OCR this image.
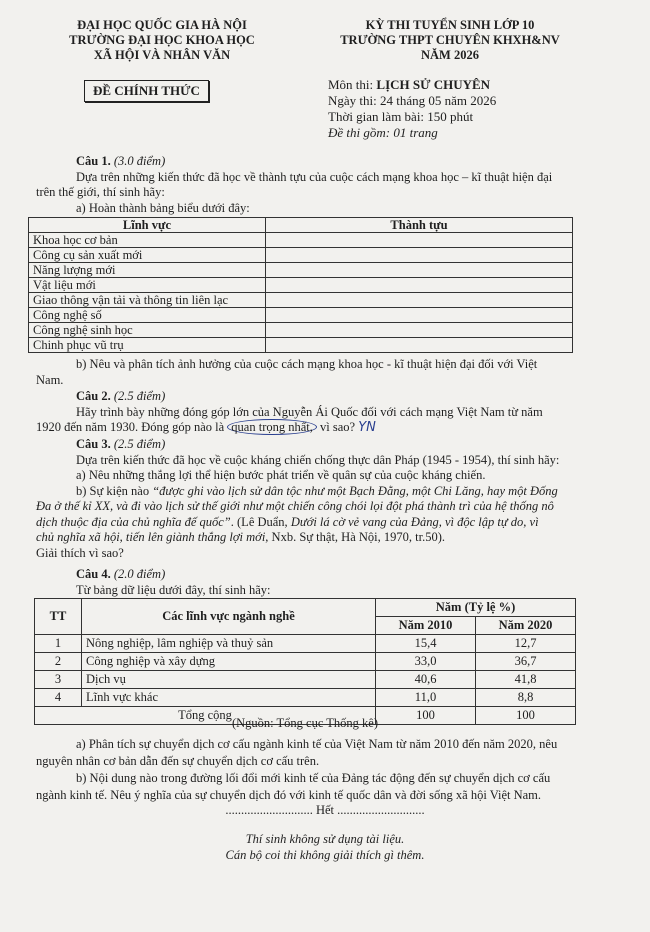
ĐẠI HỌC QUỐC GIA HÀ NỘI
TRƯỜNG ĐẠI HỌC KHOA HỌC
XÃ HỘI VÀ NHÂN VĂN
KỲ THI TUYỂN SINH LỚP 10
TRƯỜNG THPT CHUYÊN KHXH&NV
NĂM 2026
ĐỀ CHÍNH THỨC	Môn thi: LỊCH SỬ CHUYÊN
Ngày thi: 24 tháng 05 năm 2026
Thời gian làm bài: 150 phút
Đề thi gồm: 01 trang
Câu 1. (3.0 điểm)
Dựa trên những kiến thức đã học về thành tựu của cuộc cách mạng khoa học – kĩ thuật hiện đại
trên thế giới, thí sinh hãy:
a) Hoàn thành bảng biểu dưới đây:
Lĩnh vực	Thành tựu
Khoa học cơ bản	
Công cụ sản xuất mới	
Năng lượng mới	
Vật liệu mới	
Giao thông vận tải và thông tin liên lạc	
Công nghệ số	
Công nghệ sinh học	
Chinh phục vũ trụ	
b) Nêu và phân tích ảnh hưởng của cuộc cách mạng khoa học - kĩ thuật hiện đại đối với Việt
Nam.
Câu 2. (2.5 điểm)
Hãy trình bày những đóng góp lớn của Nguyễn Ái Quốc đối với cách mạng Việt Nam từ năm
1920 đến năm 1930. Đóng góp nào là quan trọng nhất, vì sao? YN
Câu 3. (2.5 điểm)
Dựa trên kiến thức đã học về cuộc kháng chiến chống thực dân Pháp (1945 - 1954), thí sinh hãy:
a) Nêu những thắng lợi thể hiện bước phát triển về quân sự của cuộc kháng chiến.
b) Sự kiện nào “được ghi vào lịch sử dân tộc như một Bạch Đằng, một Chi Lăng, hay một Đống
Đa ở thế kỉ XX, và đi vào lịch sử thế giới như một chiến công chói lọi đột phá thành trì của hệ thống nô
dịch thuộc địa của chủ nghĩa đế quốc”. (Lê Duẩn, Dưới lá cờ vẻ vang của Đảng, vì độc lập tự do, vì
chủ nghĩa xã hội, tiến lên giành thắng lợi mới, Nxb. Sự thật, Hà Nội, 1970, tr.50).
Giải thích vì sao?
Câu 4. (2.0 điểm)
Từ bảng dữ liệu dưới đây, thí sinh hãy:
TT	Các lĩnh vực ngành nghề	Năm (Tỷ lệ %)	
		Năm 2010	Năm 2020
1	Nông nghiệp, lâm nghiệp và thuỷ sản	15,4	12,7
2	Công nghiệp và xây dựng	33,0	36,7
3	Dịch vụ	40,6	41,8
4	Lĩnh vực khác	11,0	8,8
Tổng cộng		100	100
(Nguồn: Tổng cục Thống kê)
a) Phân tích sự chuyển dịch cơ cấu ngành kinh tế của Việt Nam từ năm 2010 đến năm 2020, nêu
nguyên nhân cơ bản dẫn đến sự chuyển dịch cơ cấu trên.
b) Nội dung nào trong đường lối đổi mới kinh tế của Đảng tác động đến sự chuyển dịch cơ cấu
ngành kinh tế. Nêu ý nghĩa của sự chuyển dịch đó với kinh tế quốc dân và đời sống xã hội Việt Nam.
............................ Hết ............................
Thí sinh không sử dụng tài liệu.
Cán bộ coi thi không giải thích gì thêm.
